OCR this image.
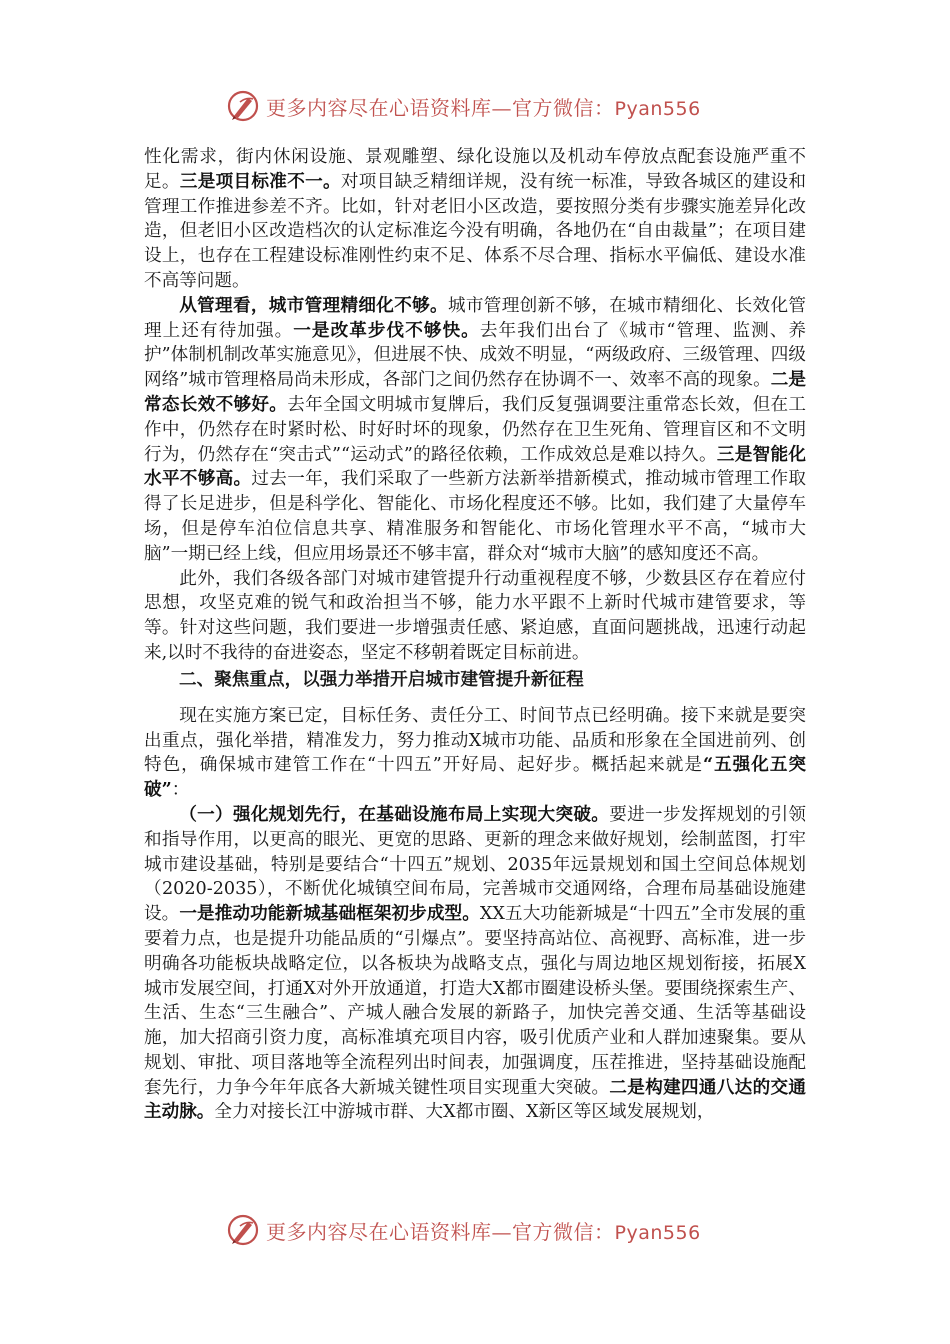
更多内容尽在心语资料库—官方微信：Pyan556

性化需求，街内休闲设施、景观雕塑、绿化设施以及机动车停放点配套设施严重不足。三是项目标准不一。对项目缺乏精细详规，没有统一标准，导致各城区的建设和管理工作推进参差不齐。比如，针对老旧小区改造，要按照分类有步骤实施差异化改造，但老旧小区改造档次的认定标准迄今没有明确，各地仍在“自由裁量”；在项目建设上，也存在工程建设标准刚性约束不足、体系不尽合理、指标水平偏低、建设水准不高等问题。

从管理看，城市管理精细化不够。城市管理创新不够，在城市精细化、长效化管理上还有待加强。一是改革步伐不够快。去年我们出台了《城市“管理、监测、养护”体制机制改革实施意见》，但进展不快、成效不明显，“两级政府、三级管理、四级网络”城市管理格局尚未形成，各部门之间仍然存在协调不一、效率不高的现象。二是常态长效不够好。去年全国文明城市复牌后，我们反复强调要注重常态长效，但在工作中，仍然存在时紧时松、时好时坏的现象，仍然存在卫生死角、管理盲区和不文明行为，仍然存在“突击式”“运动式”的路径依赖，工作成效总是难以持久。三是智能化水平不够高。过去一年，我们采取了一些新方法新举措新模式，推动城市管理工作取得了长足进步，但是科学化、智能化、市场化程度还不够。比如，我们建了大量停车场，但是停车泊位信息共享、精准服务和智能化、市场化管理水平不高，“城市大脑”一期已经上线，但应用场景还不够丰富，群众对“城市大脑”的感知度还不高。

此外，我们各级各部门对城市建管提升行动重视程度不够，少数县区存在着应付思想，攻坚克难的锐气和政治担当不够，能力水平跟不上新时代城市建管要求，等等。针对这些问题，我们要进一步增强责任感、紧迫感，直面问题挑战，迅速行动起来,以时不我待的奋进姿态，坚定不移朝着既定目标前进。

二、聚焦重点，以强力举措开启城市建管提升新征程

现在实施方案已定，目标任务、责任分工、时间节点已经明确。接下来就是要突出重点，强化举措，精准发力，努力推动X城市功能、品质和形象在全国进前列、创特色，确保城市建管工作在“十四五”开好局、起好步。概括起来就是“五强化五突破”：

（一）强化规划先行，在基础设施布局上实现大突破。要进一步发挥规划的引领和指导作用，以更高的眼光、更宽的思路、更新的理念来做好规划，绘制蓝图，打牢城市建设基础，特别是要结合“十四五”规划、2035年远景规划和国土空间总体规划（2020-2035），不断优化城镇空间布局，完善城市交通网络，合理布局基础设施建设。一是推动功能新城基础框架初步成型。XX五大功能新城是“十四五”全市发展的重要着力点，也是提升功能品质的“引爆点”。要坚持高站位、高视野、高标准，进一步明确各功能板块战略定位，以各板块为战略支点，强化与周边地区规划衔接，拓展X城市发展空间，打通X对外开放通道，打造大X都市圈建设桥头堡。要围绕探索生产、生活、生态“三生融合”、产城人融合发展的新路子，加快完善交通、生活等基础设施，加大招商引资力度，高标准填充项目内容，吸引优质产业和人群加速聚集。要从规划、审批、项目落地等全流程列出时间表，加强调度，压茬推进，坚持基础设施配套先行，力争今年年底各大新城关键性项目实现重大突破。二是构建四通八达的交通主动脉。全力对接长江中游城市群、大X都市圈、X新区等区域发展规划，

更多内容尽在心语资料库—官方微信：Pyan556
